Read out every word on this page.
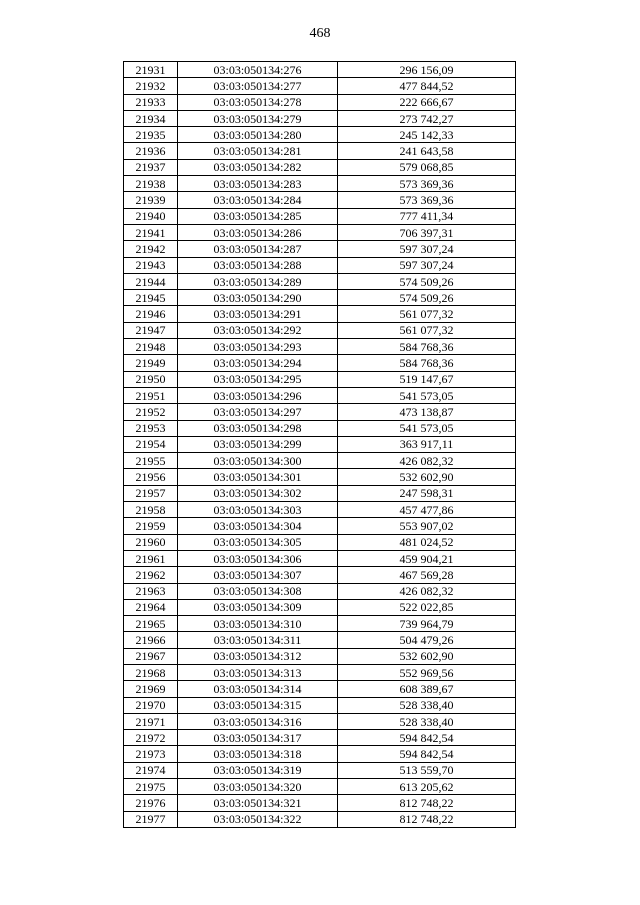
468
21931	03:03:050134:276	296 156,09
21932	03:03:050134:277	477 844,52
21933	03:03:050134:278	222 666,67
21934	03:03:050134:279	273 742,27
21935	03:03:050134:280	245 142,33
21936	03:03:050134:281	241 643,58
21937	03:03:050134:282	579 068,85
21938	03:03:050134:283	573 369,36
21939	03:03:050134:284	573 369,36
21940	03:03:050134:285	777 411,34
21941	03:03:050134:286	706 397,31
21942	03:03:050134:287	597 307,24
21943	03:03:050134:288	597 307,24
21944	03:03:050134:289	574 509,26
21945	03:03:050134:290	574 509,26
21946	03:03:050134:291	561 077,32
21947	03:03:050134:292	561 077,32
21948	03:03:050134:293	584 768,36
21949	03:03:050134:294	584 768,36
21950	03:03:050134:295	519 147,67
21951	03:03:050134:296	541 573,05
21952	03:03:050134:297	473 138,87
21953	03:03:050134:298	541 573,05
21954	03:03:050134:299	363 917,11
21955	03:03:050134:300	426 082,32
21956	03:03:050134:301	532 602,90
21957	03:03:050134:302	247 598,31
21958	03:03:050134:303	457 477,86
21959	03:03:050134:304	553 907,02
21960	03:03:050134:305	481 024,52
21961	03:03:050134:306	459 904,21
21962	03:03:050134:307	467 569,28
21963	03:03:050134:308	426 082,32
21964	03:03:050134:309	522 022,85
21965	03:03:050134:310	739 964,79
21966	03:03:050134:311	504 479,26
21967	03:03:050134:312	532 602,90
21968	03:03:050134:313	552 969,56
21969	03:03:050134:314	608 389,67
21970	03:03:050134:315	528 338,40
21971	03:03:050134:316	528 338,40
21972	03:03:050134:317	594 842,54
21973	03:03:050134:318	594 842,54
21974	03:03:050134:319	513 559,70
21975	03:03:050134:320	613 205,62
21976	03:03:050134:321	812 748,22
21977	03:03:050134:322	812 748,22
